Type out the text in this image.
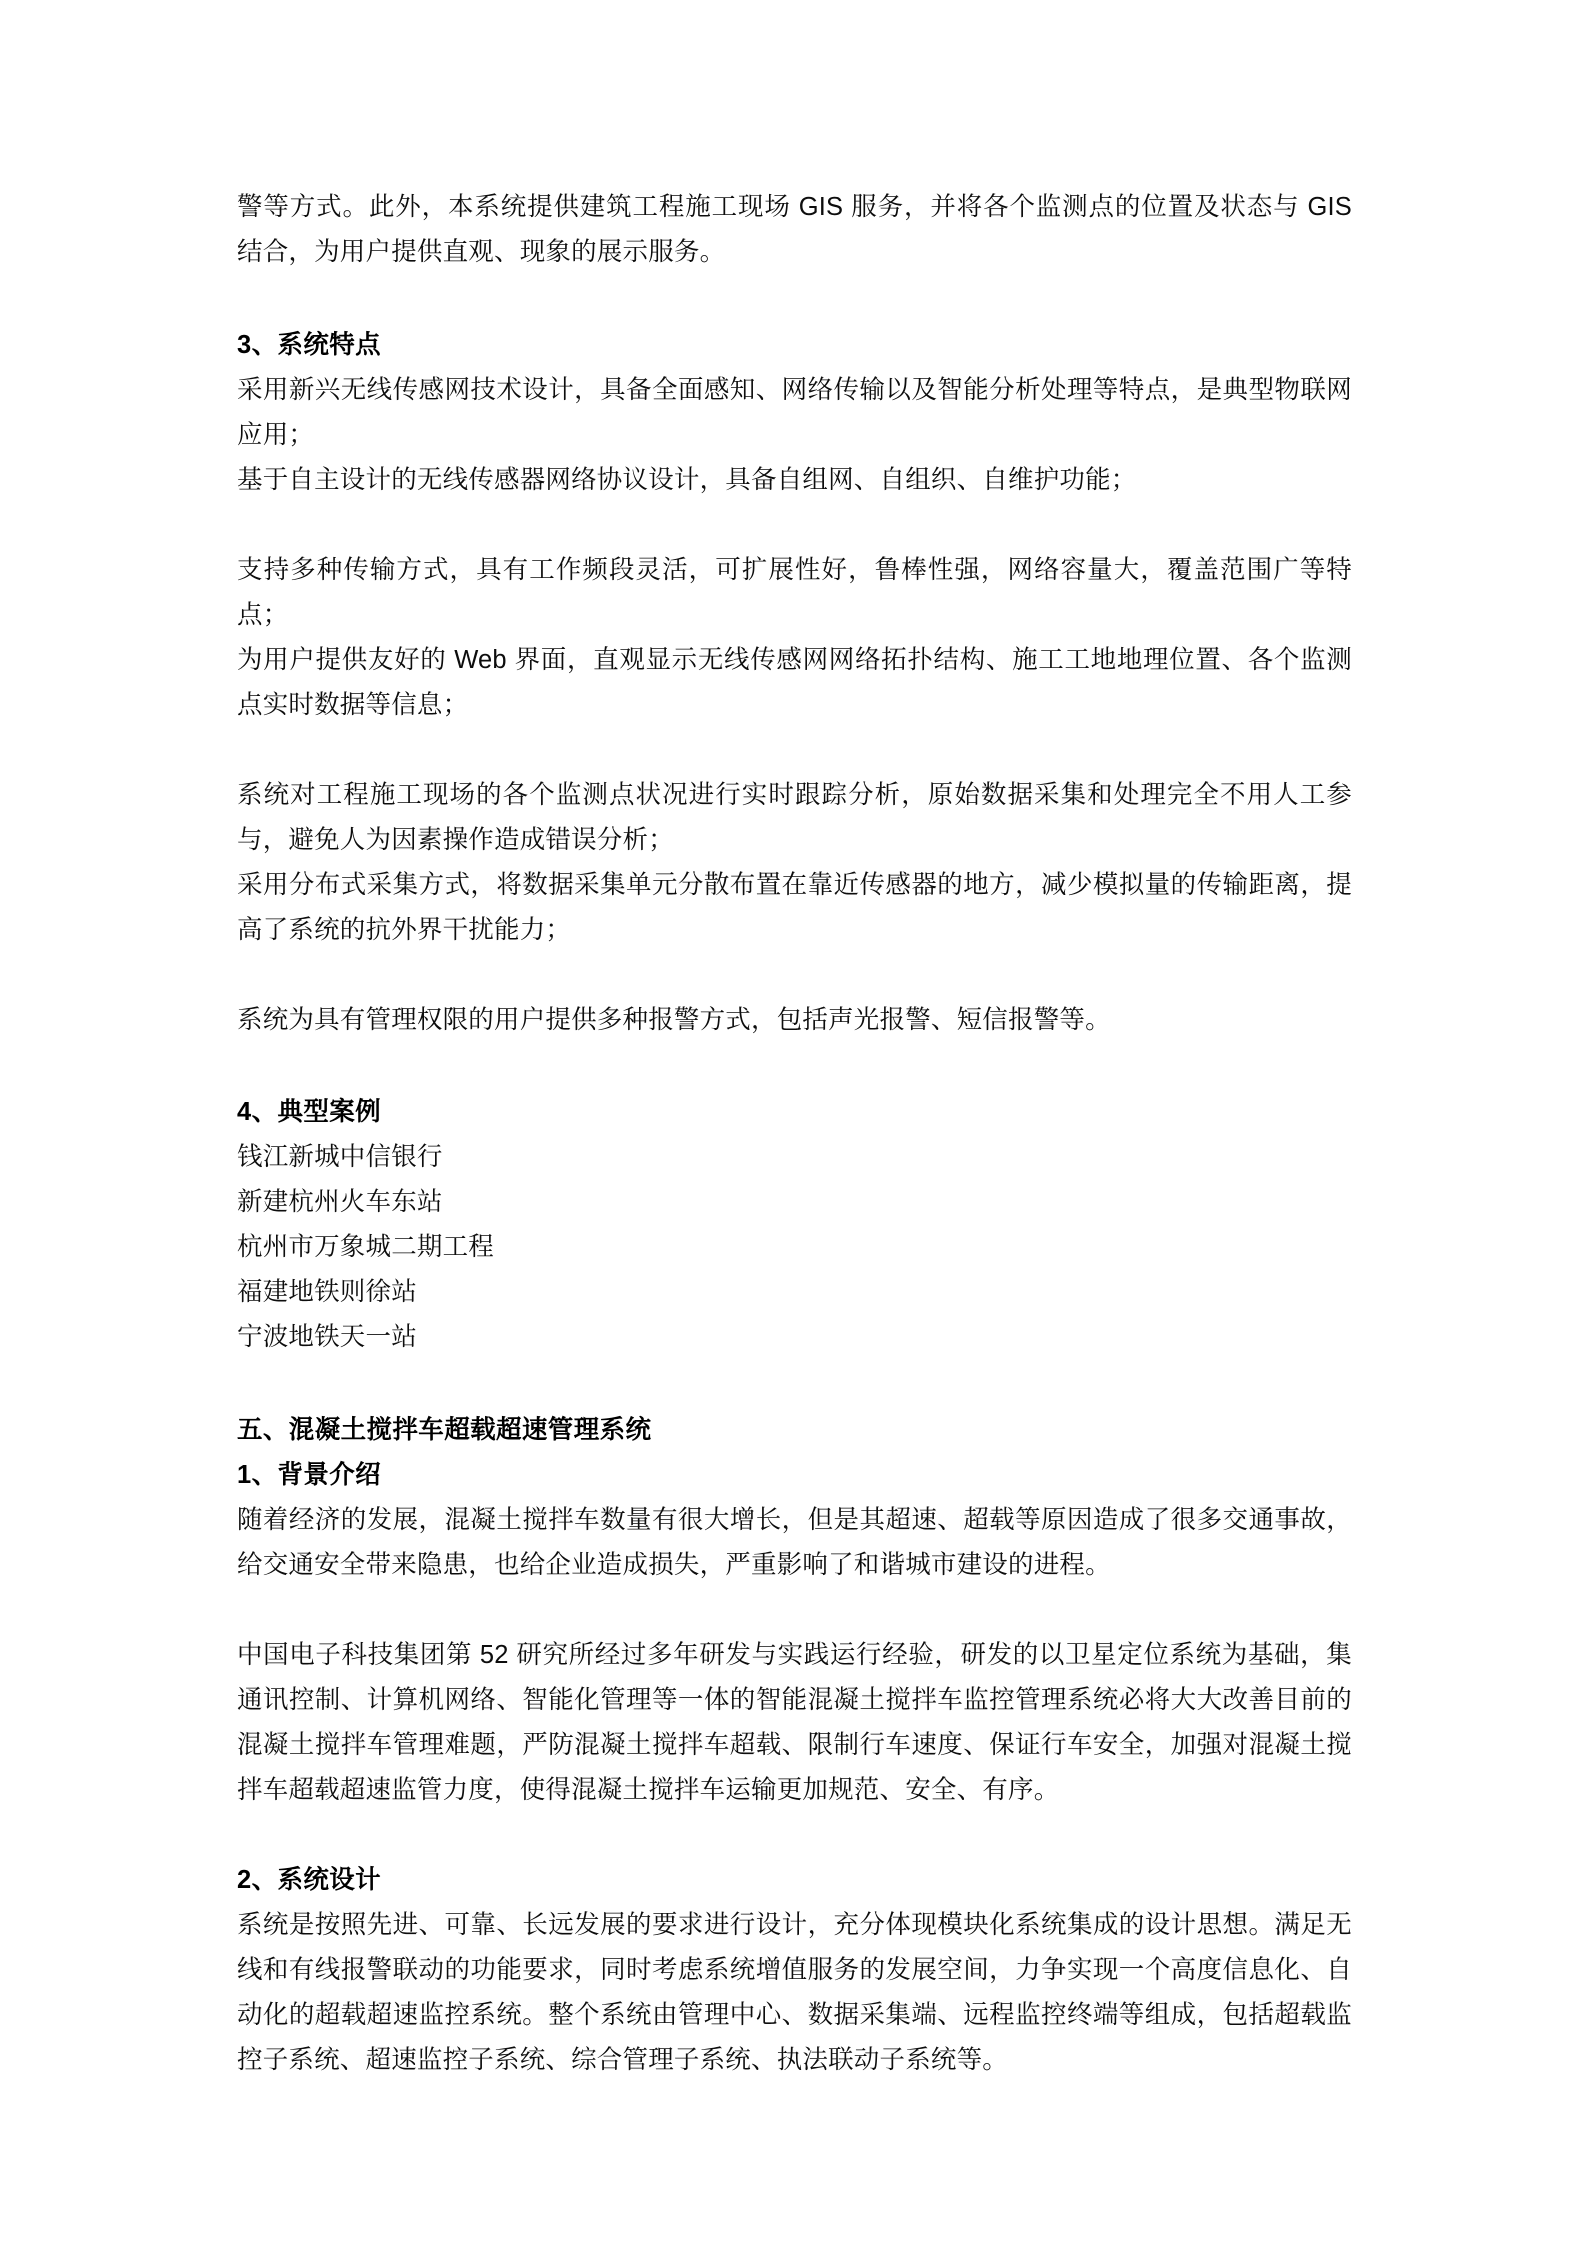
警等方式。此外，本系统提供建筑工程施工现场 GIS 服务，并将各个监测点的位置及状态与 GIS 结合，为用户提供直观、现象的展示服务。

3、系统特点

采用新兴无线传感网技术设计，具备全面感知、网络传输以及智能分析处理等特点，是典型物联网应用；

基于自主设计的无线传感器网络协议设计，具备自组网、自组织、自维护功能；

支持多种传输方式，具有工作频段灵活，可扩展性好，鲁棒性强，网络容量大，覆盖范围广等特点；

为用户提供友好的 Web 界面，直观显示无线传感网网络拓扑结构、施工工地地理位置、各个监测点实时数据等信息；

系统对工程施工现场的各个监测点状况进行实时跟踪分析，原始数据采集和处理完全不用人工参与，避免人为因素操作造成错误分析；

采用分布式采集方式，将数据采集单元分散布置在靠近传感器的地方，减少模拟量的传输距离，提高了系统的抗外界干扰能力；

系统为具有管理权限的用户提供多种报警方式，包括声光报警、短信报警等。

4、典型案例

钱江新城中信银行

新建杭州火车东站

杭州市万象城二期工程

福建地铁则徐站

宁波地铁天一站

五、混凝土搅拌车超载超速管理系统
1、背景介绍

随着经济的发展，混凝土搅拌车数量有很大增长，但是其超速、超载等原因造成了很多交通事故，给交通安全带来隐患，也给企业造成损失，严重影响了和谐城市建设的进程。

中国电子科技集团第 52 研究所经过多年研发与实践运行经验，研发的以卫星定位系统为基础，集通讯控制、计算机网络、智能化管理等一体的智能混凝土搅拌车监控管理系统必将大大改善目前的混凝土搅拌车管理难题，严防混凝土搅拌车超载、限制行车速度、保证行车安全，加强对混凝土搅拌车超载超速监管力度，使得混凝土搅拌车运输更加规范、安全、有序。

2、系统设计

系统是按照先进、可靠、长远发展的要求进行设计，充分体现模块化系统集成的设计思想。满足无线和有线报警联动的功能要求，同时考虑系统增值服务的发展空间，力争实现一个高度信息化、自动化的超载超速监控系统。整个系统由管理中心、数据采集端、远程监控终端等组成，包括超载监控子系统、超速监控子系统、综合管理子系统、执法联动子系统等。
